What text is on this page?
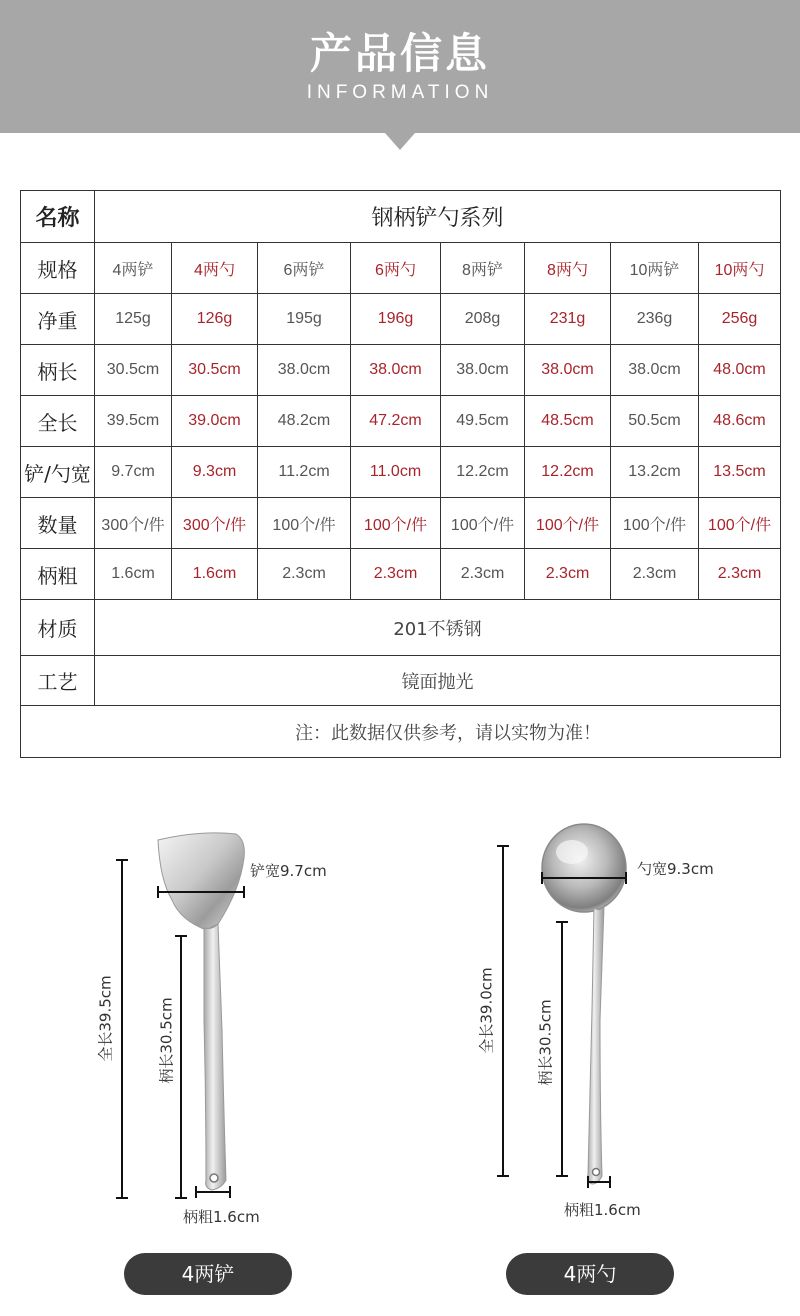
产品信息
INFORMATION
名称	钢柄铲勺系列							
规格	4两铲	4两勺	6两铲	6两勺	8两铲	8两勺	10两铲	10两勺
净重	125g	126g	195g	196g	208g	231g	236g	256g
柄长	30.5cm	30.5cm	38.0cm	38.0cm	38.0cm	38.0cm	38.0cm	48.0cm
全长	39.5cm	39.0cm	48.2cm	47.2cm	49.5cm	48.5cm	50.5cm	48.6cm
铲/勺宽	9.7cm	9.3cm	11.2cm	11.0cm	12.2cm	12.2cm	13.2cm	13.5cm
数量	300个/件	300个/件	100个/件	100个/件	100个/件	100个/件	100个/件	100个/件
柄粗	1.6cm	1.6cm	2.3cm	2.3cm	2.3cm	2.3cm	2.3cm	2.3cm
材质	201不锈钢							
工艺	镜面抛光							
注：此数据仅供参考，请以实物为准！								
铲宽9.7cm
全长39.5cm	柄长30.5cm
柄粗1.6cm
4两铲
勺宽9.3cm
全长39.0cm	柄长30.5cm
柄粗1.6cm
4两勺
